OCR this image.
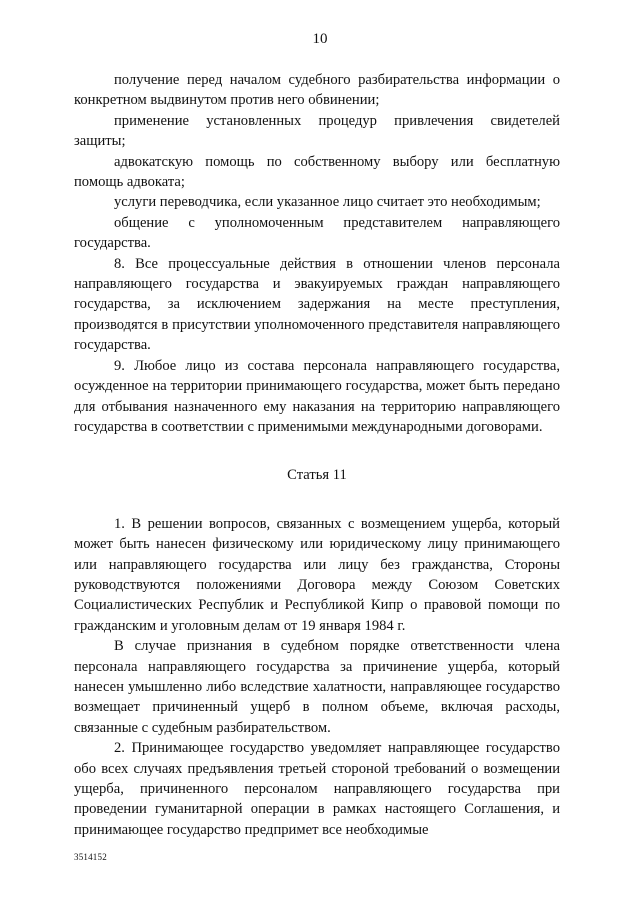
10

получение перед началом судебного разбирательства информации о конкретном выдвинутом против него обвинении;

применение установленных процедур привлечения свидетелей защиты;

адвокатскую помощь по собственному выбору или бесплатную помощь адвоката;

услуги переводчика, если указанное лицо считает это необходимым;

общение с уполномоченным представителем направляющего государства.

8. Все процессуальные действия в отношении членов персонала направляющего государства и эвакуируемых граждан направляющего государства, за исключением задержания на месте преступления, производятся в присутствии уполномоченного представителя направляющего государства.

9. Любое лицо из состава персонала направляющего государства, осужденное на территории принимающего государства, может быть передано для отбывания назначенного ему наказания на территорию направляющего государства в соответствии с применимыми международными договорами.

Статья 11

1. В решении вопросов, связанных с возмещением ущерба, который может быть нанесен физическому или юридическому лицу принимающего или направляющего государства или лицу без гражданства, Стороны руководствуются положениями Договора между Союзом Советских Социалистических Республик и Республикой Кипр о правовой помощи по гражданским и уголовным делам от 19 января 1984 г.

В случае признания в судебном порядке ответственности члена персонала направляющего государства за причинение ущерба, который нанесен умышленно либо вследствие халатности, направляющее государство возмещает причиненный ущерб в полном объеме, включая расходы, связанные с судебным разбирательством.

2. Принимающее государство уведомляет направляющее государство обо всех случаях предъявления третьей стороной требований о возмещении ущерба, причиненного персоналом направляющего государства при проведении гуманитарной операции в рамках настоящего Соглашения, и принимающее государство предпримет все необходимые

3514152
